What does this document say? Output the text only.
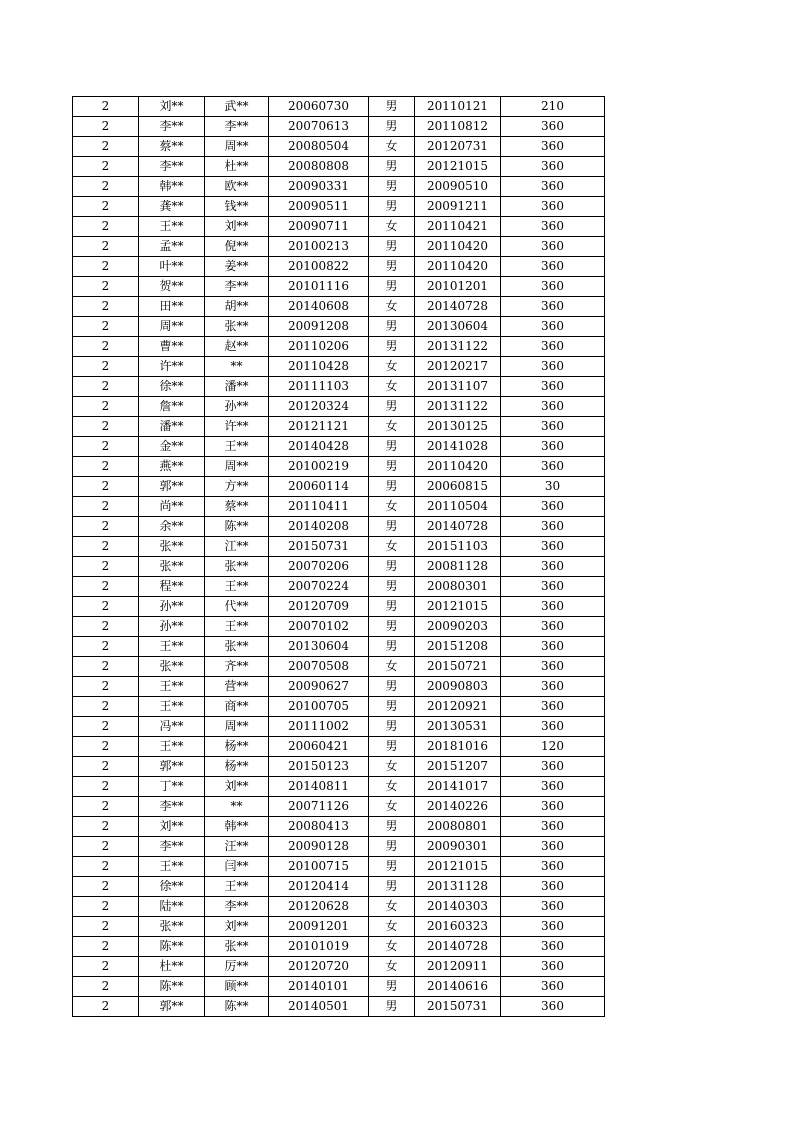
2	刘**	武**	20060730	男	20110121	210
2	李**	李**	20070613	男	20110812	360
2	蔡**	周**	20080504	女	20120731	360
2	李**	杜**	20080808	男	20121015	360
2	韩**	欧**	20090331	男	20090510	360
2	龚**	钱**	20090511	男	20091211	360
2	王**	刘**	20090711	女	20110421	360
2	孟**	倪**	20100213	男	20110420	360
2	叶**	姜**	20100822	男	20110420	360
2	贺**	李**	20101116	男	20101201	360
2	田**	胡**	20140608	女	20140728	360
2	周**	张**	20091208	男	20130604	360
2	曹**	赵**	20110206	男	20131122	360
2	许**	**	20110428	女	20120217	360
2	徐**	潘**	20111103	女	20131107	360
2	詹**	孙**	20120324	男	20131122	360
2	潘**	许**	20121121	女	20130125	360
2	金**	王**	20140428	男	20141028	360
2	燕**	周**	20100219	男	20110420	360
2	郭**	方**	20060114	男	20060815	30
2	尚**	蔡**	20110411	女	20110504	360
2	余**	陈**	20140208	男	20140728	360
2	张**	江**	20150731	女	20151103	360
2	张**	张**	20070206	男	20081128	360
2	程**	王**	20070224	男	20080301	360
2	孙**	代**	20120709	男	20121015	360
2	孙**	王**	20070102	男	20090203	360
2	王**	张**	20130604	男	20151208	360
2	张**	齐**	20070508	女	20150721	360
2	王**	营**	20090627	男	20090803	360
2	王**	商**	20100705	男	20120921	360
2	冯**	周**	20111002	男	20130531	360
2	王**	杨**	20060421	男	20181016	120
2	郭**	杨**	20150123	女	20151207	360
2	丁**	刘**	20140811	女	20141017	360
2	李**	**	20071126	女	20140226	360
2	刘**	韩**	20080413	男	20080801	360
2	李**	汪**	20090128	男	20090301	360
2	王**	闫**	20100715	男	20121015	360
2	徐**	王**	20120414	男	20131128	360
2	陆**	李**	20120628	女	20140303	360
2	张**	刘**	20091201	女	20160323	360
2	陈**	张**	20101019	女	20140728	360
2	杜**	厉**	20120720	女	20120911	360
2	陈**	顾**	20140101	男	20140616	360
2	郭**	陈**	20140501	男	20150731	360
